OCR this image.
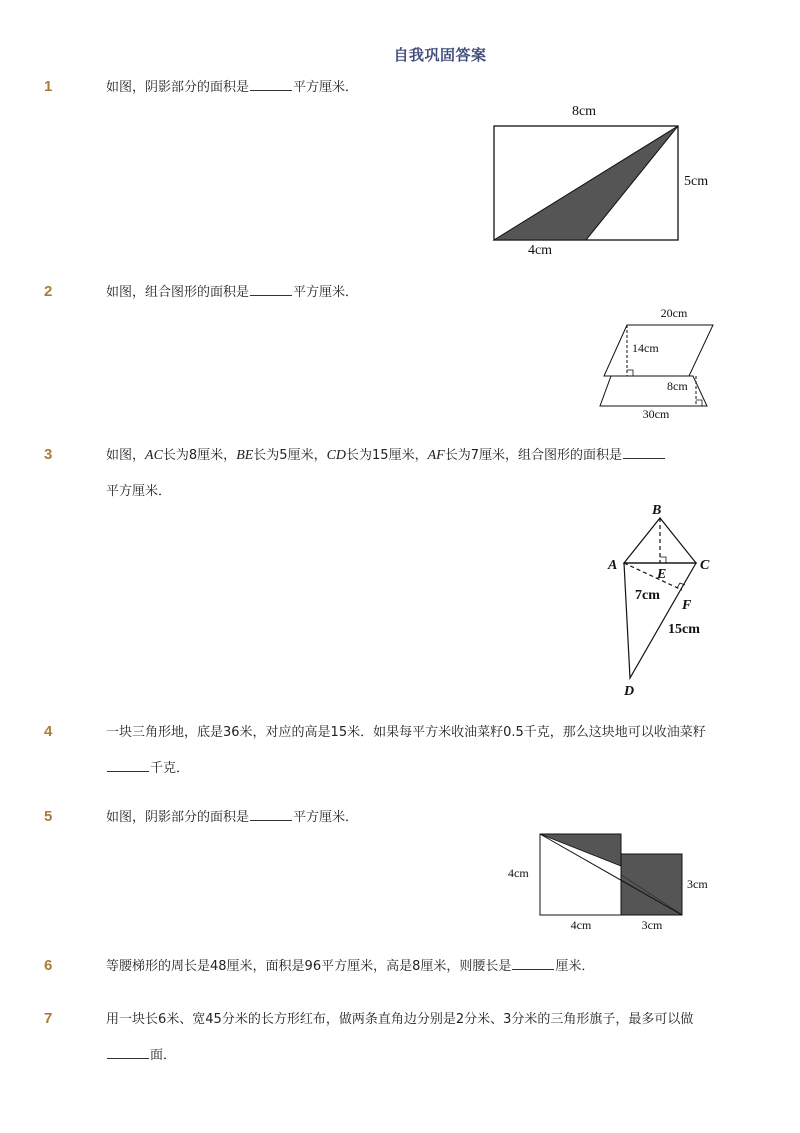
自我巩固答案
1	如图，阴影部分的面积是	平方厘米．
8cm
5cm
4cm
2	如图，组合图形的面积是	平方厘米．
20cm
14cm
8cm
30cm
3	如图，AC长为8厘米，BE长为5厘米，CD长为15厘米，AF长为7厘米，组合图形的面积是
平方厘米．
B
A	C
E
F
D
7cm
15cm
4	一块三角形地，底是36米，对应的高是15米．如果每平方米收油菜籽0.5千克，那么这块地可以收油菜籽千克．
5	如图，阴影部分的面积是	平方厘米．
4cm
3cm
4cm	3cm
6	等腰梯形的周长是48厘米，面积是96平方厘米，高是8厘米，则腰长是	厘米．
7	用一块长6米、宽45分米的长方形红布，做两条直角边分别是2分米、3分米的三角形旗子，最多可以做面．
